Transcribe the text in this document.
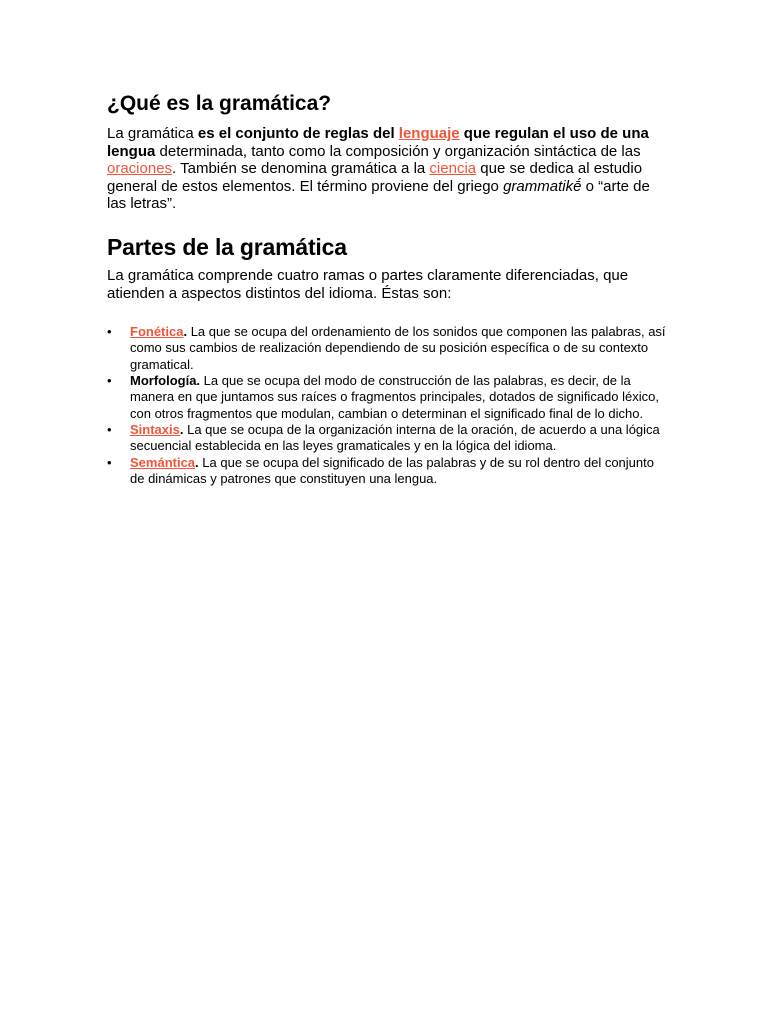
¿Qué es la gramática?

La gramática es el conjunto de reglas del lenguaje que regulan el uso de una lengua determinada, tanto como la composición y organización sintáctica de las oraciones. También se denomina gramática a la ciencia que se dedica al estudio general de estos elementos. El término proviene del griego grammatikḗ o “arte de las letras”.

Partes de la gramática

La gramática comprende cuatro ramas o partes claramente diferenciadas, que atienden a aspectos distintos del idioma. Éstas son:

• Fonética. La que se ocupa del ordenamiento de los sonidos que componen las palabras, así como sus cambios de realización dependiendo de su posición específica o de su contexto gramatical.
• Morfología. La que se ocupa del modo de construcción de las palabras, es decir, de la manera en que juntamos sus raíces o fragmentos principales, dotados de significado léxico, con otros fragmentos que modulan, cambian o determinan el significado final de lo dicho.
• Sintaxis. La que se ocupa de la organización interna de la oración, de acuerdo a una lógica secuencial establecida en las leyes gramaticales y en la lógica del idioma.
• Semántica. La que se ocupa del significado de las palabras y de su rol dentro del conjunto de dinámicas y patrones que constituyen una lengua.
